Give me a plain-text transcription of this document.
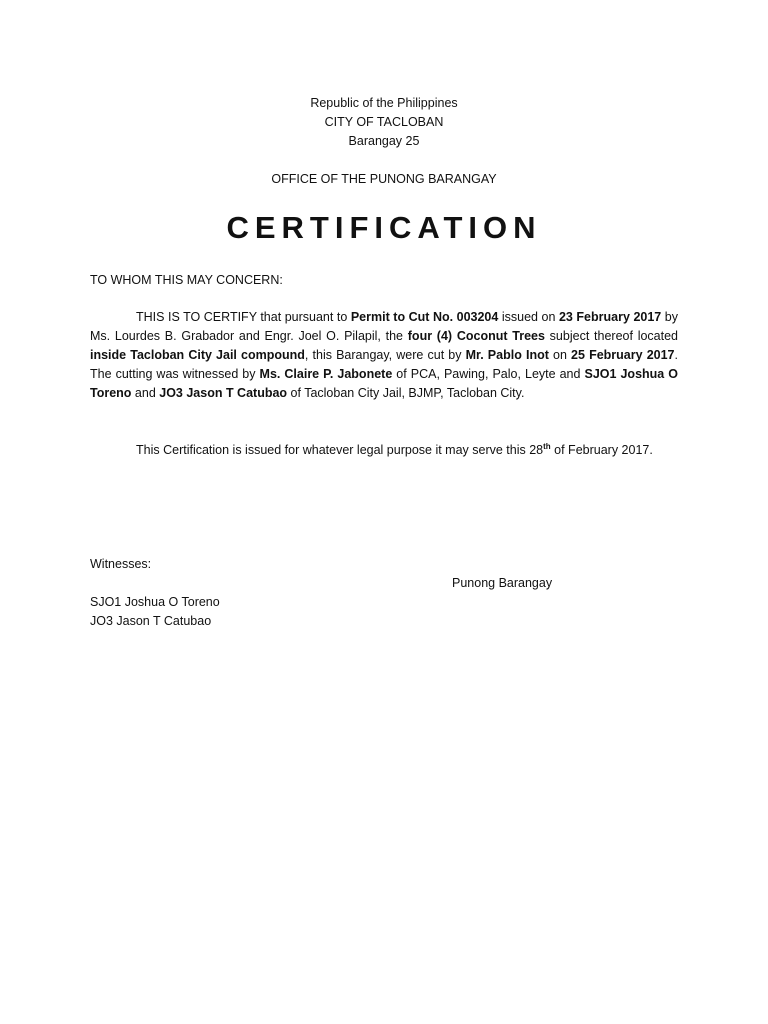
Republic of the Philippines
CITY OF TACLOBAN
Barangay 25
OFFICE OF THE PUNONG BARANGAY
CERTIFICATION
TO WHOM THIS MAY CONCERN:

THIS IS TO CERTIFY that pursuant to Permit to Cut No. 003204 issued on 23 February 2017 by Ms. Lourdes B. Grabador and Engr. Joel O. Pilapil, the four (4) Coconut Trees subject thereof located inside Tacloban City Jail compound, this Barangay, were cut by Mr. Pablo Inot on 25 February 2017. The cutting was witnessed by Ms. Claire P. Jabonete of PCA, Pawing, Palo, Leyte and SJO1 Joshua O Toreno and JO3 Jason T Catubao of Tacloban City Jail, BJMP, Tacloban City.

This Certification is issued for whatever legal purpose it may serve this 28th of February 2017.

Witnesses:
Punong Barangay
SJO1 Joshua O Toreno
JO3 Jason T Catubao
